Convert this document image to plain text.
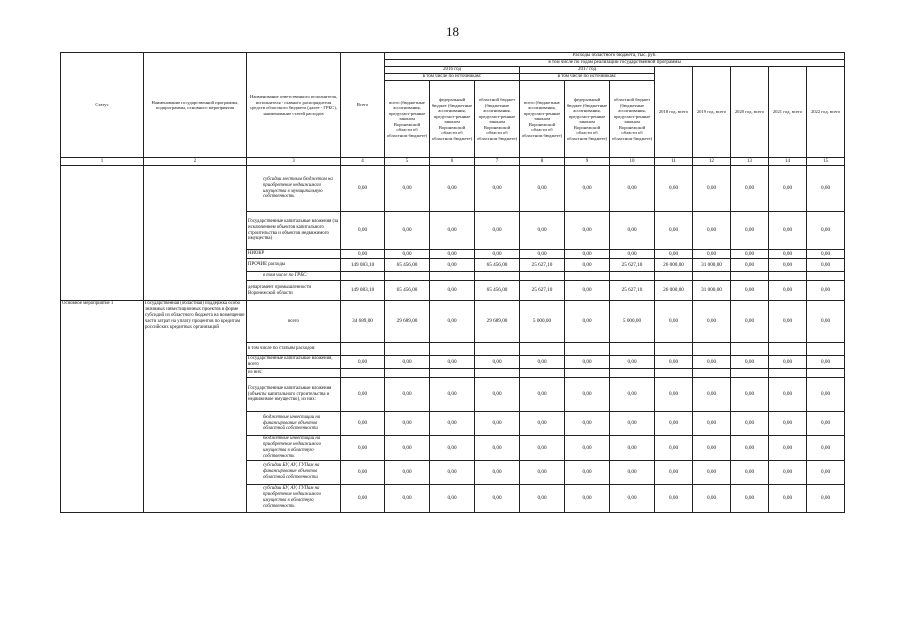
18
Статус	Наименование государственной программы, подпрограммы, основного мероприятия	Наименование ответственного исполнителя, исполнителя - главного распорядителя средств областного бюджета (далее - ГРБС), наименование статей расходов	Всего	Расходы областного бюджета, тыс. руб.										
				в том числе по годам реализации государственной программы										
				2016 год			2017 год			2018 год, всего	2019 год, всего	2020 год, всего	2021 год, всего	2022 год, всего
				в том числе по источникам:			в том числе по источникам:							
				всего (бюджетные ассигнования, предусмот-ренные законом Воронежской области об областном бюджете)	федеральный бюджет (бюджетные ассигнования, предусмот-ренные законом Воронежской области об областном бюджете)	областной бюджет (бюджетные ассигнования, предусмот-ренные законом Воронежской области об областном бюджете)	всего (бюджетные ассигнования, предусмот-ренные законом Воронежской области об областном бюджете)	федеральный бюджет (бюджетные ассигнования, предусмот-ренные законом Воронежской области об областном бюджете)	областной бюджет (бюджетные ассигнования, предусмот-ренные законом Воронежской области об областном бюджете)					
1	2	3	4	5	6	7	8	9	10	11	12	13	14	15
		субсидии местным бюджетам на приобретение недвижимого имущества в муниципальную собственность	0,00	0,00	0,00	0,00	0,00	0,00	0,00	0,00	0,00	0,00	0,00	0,00
		Государственные капитальные вложения (за исключением объектов капитального строительства и объектов недвижимого имущества)	0,00	0,00	0,00	0,00	0,00	0,00	0,00	0,00	0,00	0,00	0,00	0,00
		НИОКР	0,00	0,00	0,00	0,00	0,00	0,00	0,00	0,00	0,00	0,00	0,00	0,00
		ПРОЧИЕ расходы	149 083,10	65 456,00	0,00	65 456,00	25 627,10	0,00	25 627,10	26 000,00	31 000,00	0,00	0,00	0,00
		в том числе по ГРБС:												
		департамент промышленности Воронежской области	149 083,10	65 456,00	0,00	65 456,00	25 627,10	0,00	25 627,10	26 000,00	31 000,00	0,00	0,00	0,00
Основное мероприятие 1	Государственная (областная) поддержка особо значимых инвестиционных проектов в форме субсидий из областного бюджета на возмещение части затрат на уплату процентов по кредитам российских кредитных организаций	всего	34 689,00	29 689,00	0,00	29 689,00	5 000,00	0,00	5 000,00	0,00	0,00	0,00	0,00	0,00
		в том числе по статьям расходов:												
		Государственные капитальные вложения, всего	0,00	0,00	0,00	0,00	0,00	0,00	0,00	0,00	0,00	0,00	0,00	0,00
		из них:												
		Государственные капитальные вложения (объекты капитального строительства и недвижимое имущество), из них:	0,00	0,00	0,00	0,00	0,00	0,00	0,00	0,00	0,00	0,00	0,00	0,00
		бюджетные инвестиции на финансирование объектов областной собственности	0,00	0,00	0,00	0,00	0,00	0,00	0,00	0,00	0,00	0,00	0,00	0,00
		бюджетные инвестиции на приобретение недвижимого имущества в областную собственность	0,00	0,00	0,00	0,00	0,00	0,00	0,00	0,00	0,00	0,00	0,00	0,00
		субсидии БУ, АУ, ГУПам на финансирование объектов областной собственности	0,00	0,00	0,00	0,00	0,00	0,00	0,00	0,00	0,00	0,00	0,00	0,00
		субсидии БУ, АУ, ГУПам на приобретение недвижимого имущества в областную собственность	0,00	0,00	0,00	0,00	0,00	0,00	0,00	0,00	0,00	0,00	0,00	0,00
